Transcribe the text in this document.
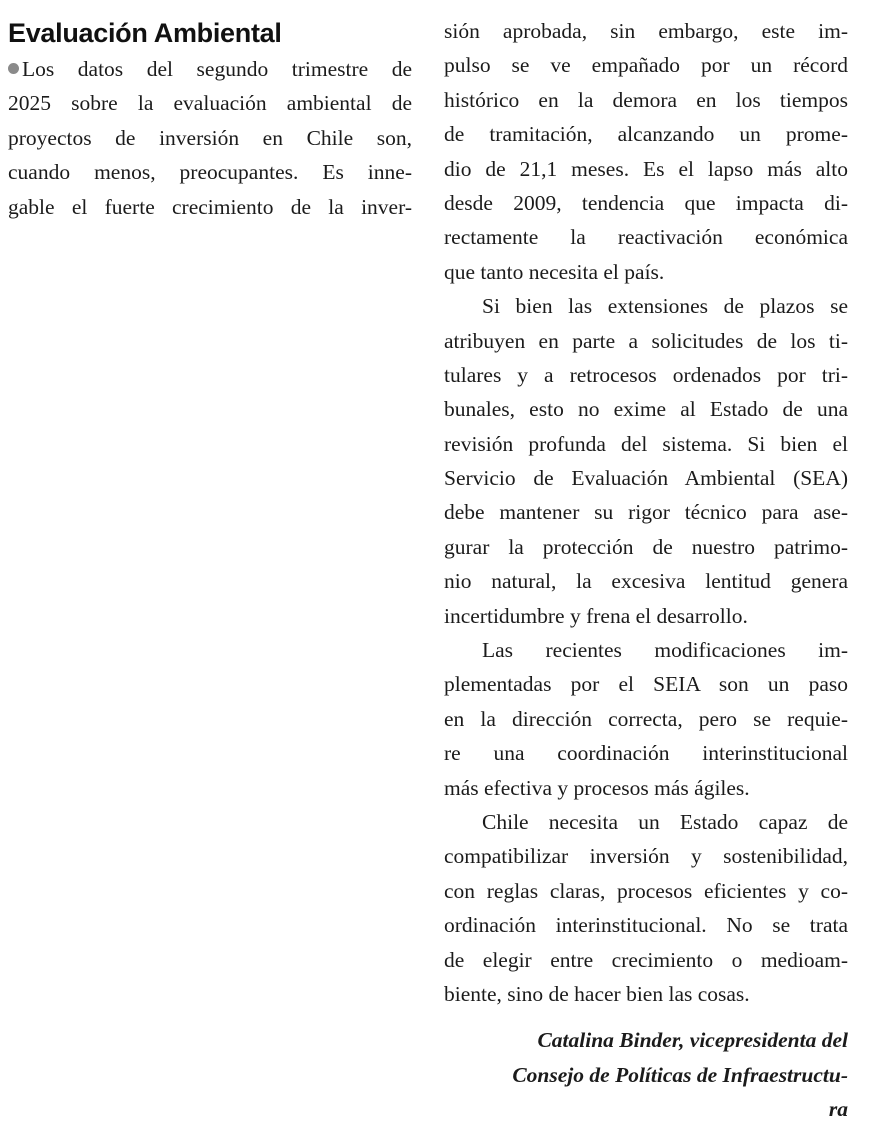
Evaluación Ambiental
Los datos del segundo trimestre de
2025 sobre la evaluación ambiental de
proyectos de inversión en Chile son,
cuando menos, preocupantes. Es inne-
gable el fuerte crecimiento de la inver-
sión aprobada, sin embargo, este im-
pulso se ve empañado por un récord
histórico en la demora en los tiempos
de tramitación, alcanzando un prome-
dio de 21,1 meses. Es el lapso más alto
desde 2009, tendencia que impacta di-
rectamente la reactivación económica
que tanto necesita el país.
Si bien las extensiones de plazos se
atribuyen en parte a solicitudes de los ti-
tulares y a retrocesos ordenados por tri-
bunales, esto no exime al Estado de una
revisión profunda del sistema. Si bien el
Servicio de Evaluación Ambiental (SEA)
debe mantener su rigor técnico para ase-
gurar la protección de nuestro patrimo-
nio natural, la excesiva lentitud genera
incertidumbre y frena el desarrollo.
Las recientes modificaciones im-
plementadas por el SEIA son un paso
en la dirección correcta, pero se requie-
re una coordinación interinstitucional
más efectiva y procesos más ágiles.
Chile necesita un Estado capaz de
compatibilizar inversión y sostenibilidad,
con reglas claras, procesos eficientes y co-
ordinación interinstitucional. No se trata
de elegir entre crecimiento o medioam-
biente, sino de hacer bien las cosas.
Catalina Binder, vicepresidenta del
Consejo de Políticas de Infraestructu-
ra
